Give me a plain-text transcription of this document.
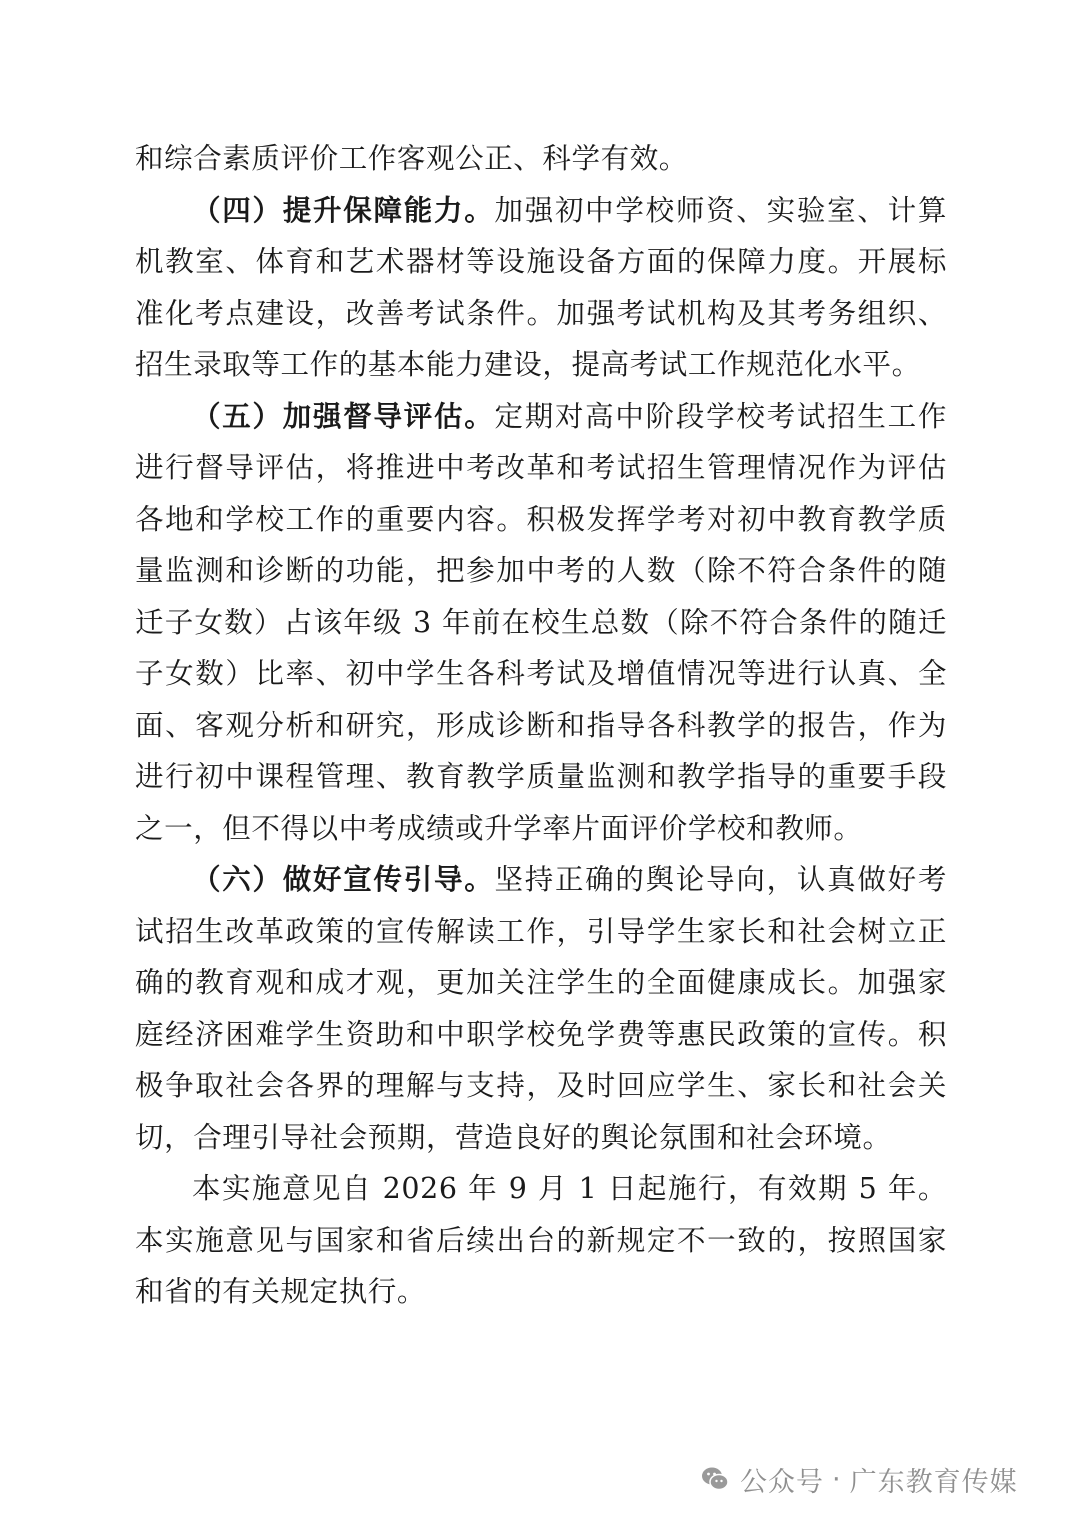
和综合素质评价工作客观公正、科学有效。

（四）提升保障能力。加强初中学校师资、实验室、计算机教室、体育和艺术器材等设施设备方面的保障力度。开展标准化考点建设，改善考试条件。加强考试机构及其考务组织、招生录取等工作的基本能力建设，提高考试工作规范化水平。

（五）加强督导评估。定期对高中阶段学校考试招生工作进行督导评估，将推进中考改革和考试招生管理情况作为评估各地和学校工作的重要内容。积极发挥学考对初中教育教学质量监测和诊断的功能，把参加中考的人数（除不符合条件的随迁子女数）占该年级 3 年前在校生总数（除不符合条件的随迁子女数）比率、初中学生各科考试及增值情况等进行认真、全面、客观分析和研究，形成诊断和指导各科教学的报告，作为进行初中课程管理、教育教学质量监测和教学指导的重要手段之一，但不得以中考成绩或升学率片面评价学校和教师。

（六）做好宣传引导。坚持正确的舆论导向，认真做好考试招生改革政策的宣传解读工作，引导学生家长和社会树立正确的教育观和成才观，更加关注学生的全面健康成长。加强家庭经济困难学生资助和中职学校免学费等惠民政策的宣传。积极争取社会各界的理解与支持，及时回应学生、家长和社会关切，合理引导社会预期，营造良好的舆论氛围和社会环境。

本实施意见自 2026 年 9 月 1 日起施行，有效期 5 年。本实施意见与国家和省后续出台的新规定不一致的，按照国家和省的有关规定执行。

公众号 · 广东教育传媒
